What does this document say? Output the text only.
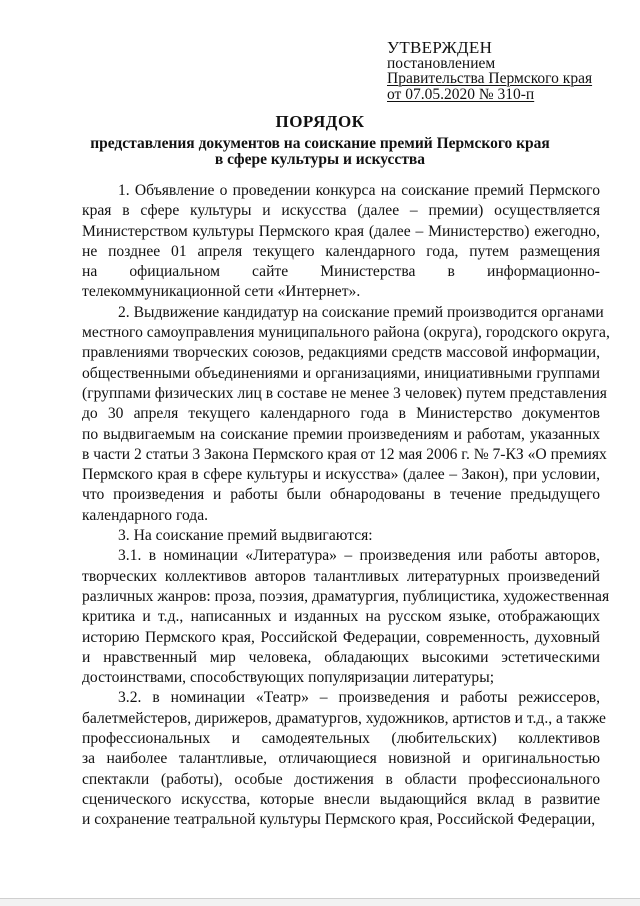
УТВЕРЖДЕН
постановлением
Правительства Пермского края
от 07.05.2020 № 310-п
ПОРЯДОК
представления документов на соискание премий Пермского края
в сфере культуры и искусства
1. Объявление о проведении конкурса на соискание премий Пермского
края в сфере культуры и искусства (далее – премии) осуществляется
Министерством культуры Пермского края (далее – Министерство) ежегодно,
не позднее 01 апреля текущего календарного года, путем размещения
на официальном сайте Министерства в информационно-
телекоммуникационной сети «Интернет».
2. Выдвижение кандидатур на соискание премий производится органами
местного самоуправления муниципального района (округа), городского округа,
правлениями творческих союзов, редакциями средств массовой информации,
общественными объединениями и организациями, инициативными группами
(группами физических лиц в составе не менее 3 человек) путем представления
до 30 апреля текущего календарного года в Министерство документов
по выдвигаемым на соискание премии произведениям и работам, указанных
в части 2 статьи 3 Закона Пермского края от 12 мая 2006 г. № 7-КЗ «О премиях
Пермского края в сфере культуры и искусства» (далее – Закон), при условии,
что произведения и работы были обнародованы в течение предыдущего
календарного года.
3. На соискание премий выдвигаются:
3.1. в номинации «Литература» – произведения или работы авторов,
творческих коллективов авторов талантливых литературных произведений
различных жанров: проза, поэзия, драматургия, публицистика, художественная
критика и т.д., написанных и изданных на русском языке, отображающих
историю Пермского края, Российской Федерации, современность, духовный
и нравственный мир человека, обладающих высокими эстетическими
достоинствами, способствующих популяризации литературы;
3.2. в номинации «Театр» – произведения и работы режиссеров,
балетмейстеров, дирижеров, драматургов, художников, артистов и т.д., а также
профессиональных и самодеятельных (любительских) коллективов
за наиболее талантливые, отличающиеся новизной и оригинальностью
спектакли (работы), особые достижения в области профессионального
сценического искусства, которые внесли выдающийся вклад в развитие
и сохранение театральной культуры Пермского края, Российской Федерации,
